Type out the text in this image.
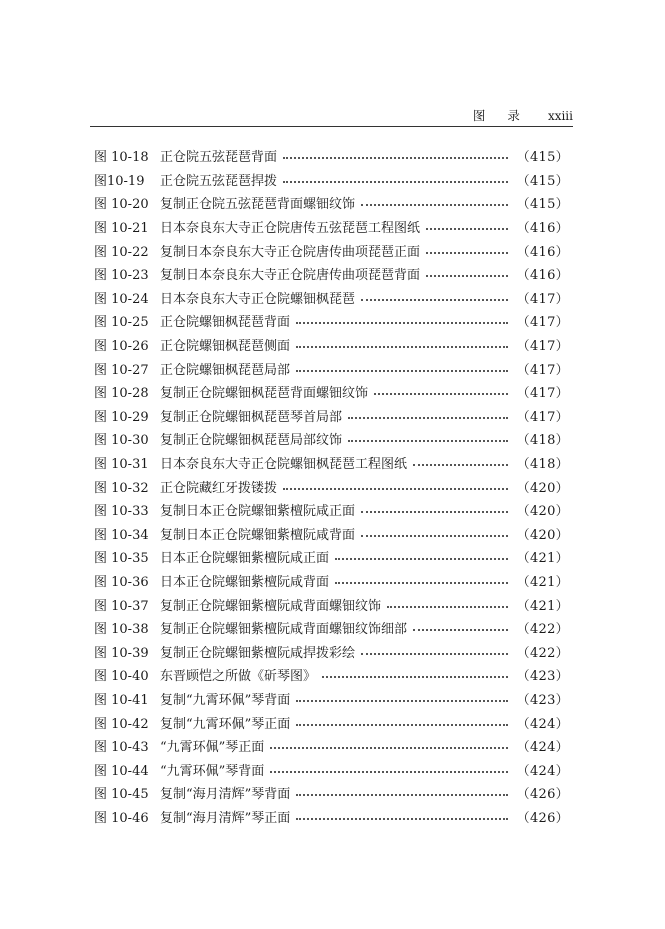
图录 xxiii
图 10-18 正仓院五弦琵琶背面	（415）
图10-19	正仓院五弦琵琶捍拨	（415）
图 10-20 复制正仓院五弦琵琶背面螺钿纹饰	（415）
图 10-21 日本奈良东大寺正仓院唐传五弦琵琶工程图纸	（416）
图 10-22 复制日本奈良东大寺正仓院唐传曲项琵琶正面	（416）
图 10-23 复制日本奈良东大寺正仓院唐传曲项琵琶背面	（416）
图 10-24 日本奈良东大寺正仓院螺钿枫琵琶	（417）
图 10-25 正仓院螺钿枫琵琶背面	（417）
图 10-26 正仓院螺钿枫琵琶侧面	（417）
图 10-27 正仓院螺钿枫琵琶局部	（417）
图 10-28 复制正仓院螺钿枫琵琶背面螺钿纹饰	（417）
图 10-29 复制正仓院螺钿枫琵琶琴首局部	（417）
图 10-30 复制正仓院螺钿枫琵琶局部纹饰	（418）
图 10-31 日本奈良东大寺正仓院螺钿枫琵琶工程图纸	（418）
图 10-32 正仓院藏红牙拨镂拨	（420）
图 10-33 复制日本正仓院螺钿紫檀阮咸正面	（420）
图 10-34 复制日本正仓院螺钿紫檀阮咸背面	（420）
图 10-35 日本正仓院螺钿紫檀阮咸正面	（421）
图 10-36 日本正仓院螺钿紫檀阮咸背面	（421）
图 10-37 复制正仓院螺钿紫檀阮咸背面螺钿纹饰	（421）
图 10-38 复制正仓院螺钿紫檀阮咸背面螺钿纹饰细部	（422）
图 10-39 复制正仓院螺钿紫檀阮咸捍拨彩绘	（422）
图 10-40 东晋顾恺之所做《斫琴图》	（423）
图 10-41 复制“九霄环佩”琴背面	（423）
图 10-42 复制“九霄环佩”琴正面	（424）
图 10-43 “九霄环佩”琴正面	（424）
图 10-44 “九霄环佩”琴背面	（424）
图 10-45 复制“海月清辉”琴背面	（426）
图 10-46 复制“海月清辉”琴正面	（426）
